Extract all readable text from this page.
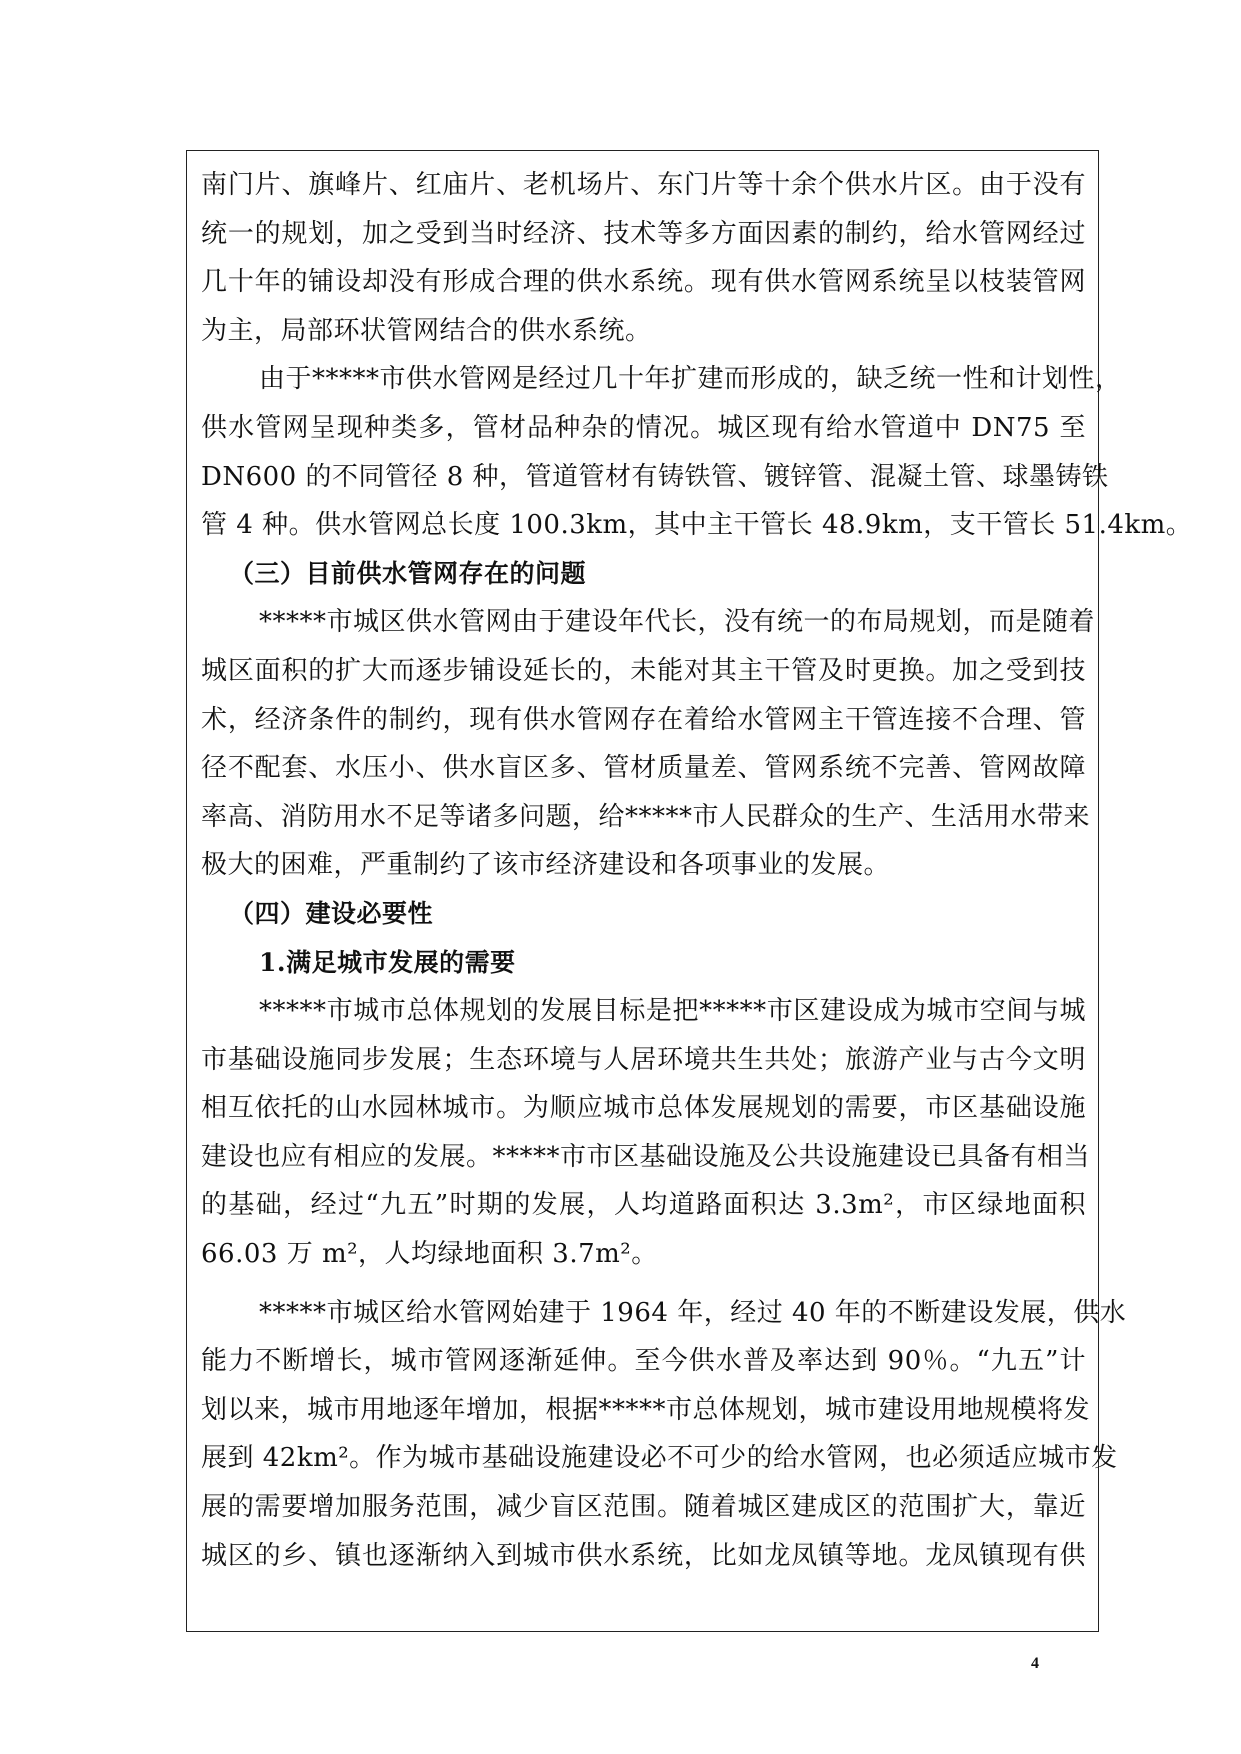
南门片、旗峰片、红庙片、老机场片、东门片等十余个供水片区。由于没有
统一的规划，加之受到当时经济、技术等多方面因素的制约，给水管网经过
几十年的铺设却没有形成合理的供水系统。现有供水管网系统呈以枝装管网
为主，局部环状管网结合的供水系统。
由于*****市供水管网是经过几十年扩建而形成的，缺乏统一性和计划性，
供水管网呈现种类多，管材品种杂的情况。城区现有给水管道中 DN75 至
DN600 的不同管径 8 种，管道管材有铸铁管、镀锌管、混凝土管、球墨铸铁
管 4 种。供水管网总长度 100.3km，其中主干管长 48.9km，支干管长 51.4km。
（三）目前供水管网存在的问题
*****市城区供水管网由于建设年代长，没有统一的布局规划，而是随着
城区面积的扩大而逐步铺设延长的，未能对其主干管及时更换。加之受到技
术，经济条件的制约，现有供水管网存在着给水管网主干管连接不合理、管
径不配套、水压小、供水盲区多、管材质量差、管网系统不完善、管网故障
率高、消防用水不足等诸多问题，给*****市人民群众的生产、生活用水带来
极大的困难，严重制约了该市经济建设和各项事业的发展。
（四）建设必要性
1.满足城市发展的需要
*****市城市总体规划的发展目标是把*****市区建设成为城市空间与城
市基础设施同步发展；生态环境与人居环境共生共处；旅游产业与古今文明
相互依托的山水园林城市。为顺应城市总体发展规划的需要，市区基础设施
建设也应有相应的发展。*****市市区基础设施及公共设施建设已具备有相当
的基础，经过“九五”时期的发展，人均道路面积达 3.3m²，市区绿地面积
66.03 万 m²，人均绿地面积 3.7m²。
*****市城区给水管网始建于 1964 年，经过 40 年的不断建设发展，供水
能力不断增长，城市管网逐渐延伸。至今供水普及率达到 90％。“九五”计
划以来，城市用地逐年增加，根据*****市总体规划，城市建设用地规模将发
展到 42km²。作为城市基础设施建设必不可少的给水管网，也必须适应城市发
展的需要增加服务范围，减少盲区范围。随着城区建成区的范围扩大，靠近
城区的乡、镇也逐渐纳入到城市供水系统，比如龙凤镇等地。龙凤镇现有供
4
